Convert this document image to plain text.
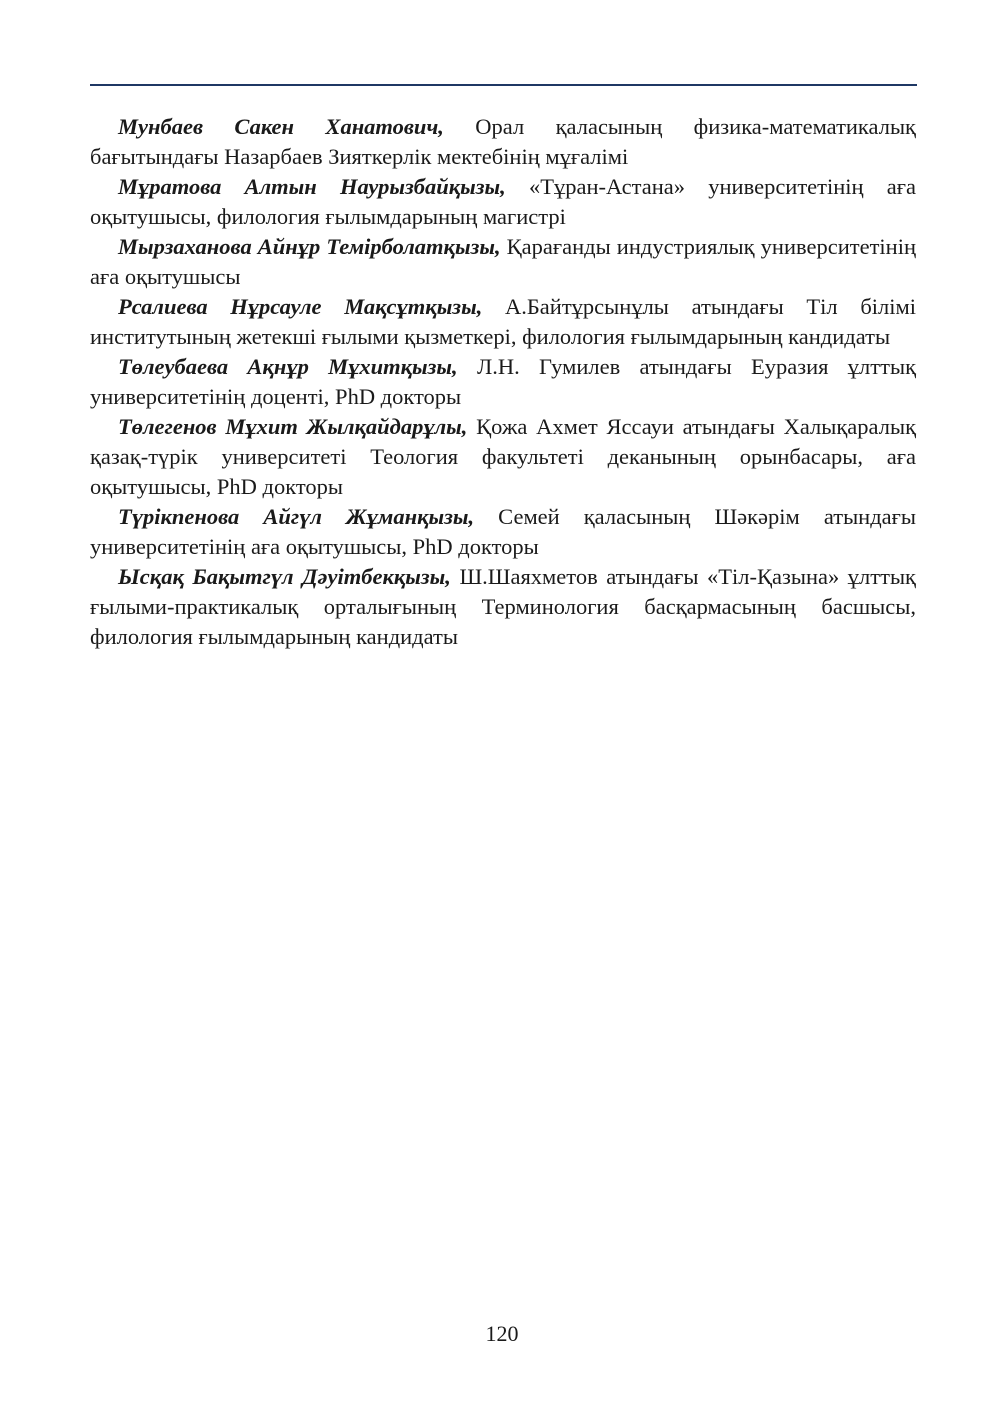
Мунбаев Сакен Ханатович, Орал қаласының физика-математикалық бағытындағы Назарбаев Зияткерлік мектебінің мұғалімі

Мұратова Алтын Наурызбайқызы, «Тұран-Астана» университетінің аға оқытушысы, филология ғылымдарының магистрі

Мырзаханова Айнұр Темірболатқызы, Қарағанды индустриялық университетінің аға оқытушысы

Рсалиева Нұрсауле Мақсұтқызы, А.Байтұрсынұлы атындағы Тіл білімі институтының жетекші ғылыми қызметкері, филология ғылымдарының кандидаты

Төлеубаева Ақнұр Мұхитқызы, Л.Н. Гумилев атындағы Еуразия ұлттық университетінің доценті, PhD докторы

Төлегенов Мұхит Жылқайдарұлы, Қожа Ахмет Яссауи атындағы Халықаралық қазақ-түрік университеті Теология факультеті деканының орынбасары, аға оқытушысы, PhD докторы

Түрікпенова Айгүл Жұманқызы, Семей қаласының Шәкәрім атындағы университетінің аға оқытушысы, PhD докторы

Ысқақ Бақытгүл Дәуітбекқызы, Ш.Шаяхметов атындағы «Тіл-Қазына» ұлттық ғылыми-практикалық орталығының Терминология басқармасының басшысы, филология ғылымдарының кандидаты

120
